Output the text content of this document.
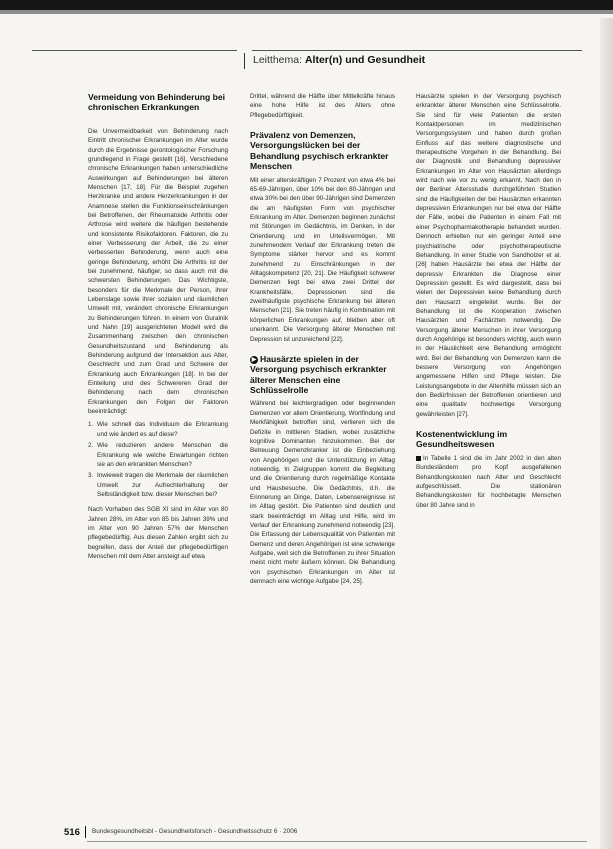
Leitthema: Alter(n) und Gesundheit
Vermeidung von Behinderung bei chronischen Erkrankungen
Die Unvermeidbarkeit von Behinderung nach Eintritt chronischer Erkrankungen im Alter wurde durch die Ergebnisse gerontologischer Forschung grundlegend in Frage gestellt [16]. Verschiedene chronische Erkrankungen haben unterschiedliche Auswirkungen auf Behinderungen bei älteren Menschen [17, 18]. Für die Beispiel zugehen Herzkranke und andere Herzerkrankungen in der Anamnese stellen die Funktionseinschränkungen bei Betroffenen, der Rheumatoide Arthritis oder Arthrose wird weitere die häufigen bestehende und konsistente Risikofaktoren. Faktoren, die zu einer Verbesserung der Arbeit, die zu einer verbesserten Behinderung, wenn auch eine geringe Behinderung, erhöht Die Arthritis ist der bei zunehmend, häufiger, so dass auch mit die schwersten Behinderungen. Das Wichtigste, besonders für die Merkmale der Person, ihrer Lebenslage sowie ihrer sozialen und räumlichen Umwelt mit, verändert chronische Erkrankungen zu Behinderungen führen. In einem von Guralnik und Nahn [19] ausgerichteten Modell wird die Zusammenhang zwischen den chronischen Gesundheitszustand und Behinderung als Behinderung aufgrund der Intersektion aus Alter, Geschlecht und zum Grad und Schwere der Erkrankung auch Erkrankungen [18]. In bei der Einteilung und des Schwereren Grad der Behinderung nach dem chronischen Erkrankungen den Folgen der Faktoren beeinträchtigt:
1. Wie schnell das Individuum die Erkrankung und wie ändert es auf diese?
2. Wie reduzieren andere Menschen die Erkrankung wie welche Erwartungen richten sie an den erkrankten Menschen?
3. Inwieweit tragen die Merkmale der räumlichen Umwelt zur Aufrechterhaltung der Selbständigkeit bzw. dieser Menschen bei?
Nach Vorhaben des SGB XI sind im Alter von 80 Jahren 28%, im Alter von 85 bis Jahren 39% und im Alter von 90 Jahren 57% der Menschen pflegebedürftig. Aus diesen Zahlen ergibt sich zu begreifen, dass der Anteil der pflegebedürftigen Menschen mit dem Alter ansteigt auf etwa
Drittel, während die Hälfte über Mittelkräfte hinaus eine hohe Hilfe ist des Alters ohne Pflegebedürftigkeit.
Prävalenz von Demenzen, Versorgungslücken bei der Behandlung psychisch erkrankter Menschen
Mit einer alterskräftigen 7 Prozent von etwa 4% bei 65-69-Jährigen, über 10% bei den 80-Jährigen und etwa 30% bei den über 90-Jährigen sind Demenzen die am häufigsten Form von psychischer Erkrankung im Alter. Demenzen beginnen zunächst mit Störungen im Gedächtnis, im Denken, in der Orientierung und im Urteilsvermögen. Mit zunehmendem Verlauf der Erkrankung treten die Symptome stärker hervor und es kommt zunehmend zu Einschränkungen in der Alltagskompetenz [20, 21]. Die Häufigkeit schwerer Demenzen liegt bei etwa zwei Drittel der Krankheitsfälle, Depressionen sind die zweithäufigste psychische Erkrankung bei älteren Menschen [21]. Sie treten häufig in Kombination mit körperlichen Erkrankungen auf, bleiben aber oft unerkannt. Die Versorgung älterer Menschen mit Depression ist unzureichend [22].
▶ Hausärzte spielen in der Versorgung psychisch erkrankter älterer Menschen eine Schlüsselrolle
Während bei leichtergradigen oder beginnenden Demenzen vor allem Orientierung, Wortfindung und Merkfähigkeit betroffen sind, verlieren sich die Defizite in mittleren Stadien, wobei zusätzliche kognitive Dominanten hinzukommen. Bei der Betreuung Demenzkranker ist die Einbeziehung von Angehörigen und die Unterstützung im Alltag notwendig. In Zielgruppen kommt die Begleitung und die Orientierung durch regelmäßige Kontakte und Hausbesuche. Die Gedächtnis, d.h. die Erinnerung an Dinge, Daten, Lebensereignisse ist im Alltag gestört. Die Patienten sind deutlich und stark beeinträchtigt im Alltag und Hilfe, wird im Verlauf der Erkrankung zunehmend notwendig [23]. Die Erfassung der Lebensqualität von Patienten mit Demenz und deren Angehörigen ist eine schwierige Aufgabe, weil sich die Betroffenen zu ihrer Situation meist nicht mehr äußern können. Die Behandlung von psychischen Erkrankungen im Alter ist demnach eine wichtige Aufgabe [24, 25].
Hausärzte spielen in der Versorgung psychisch erkrankter älterer Menschen eine Schlüsselrolle. Sie sind für viele Patienten die ersten Kontaktpersonen im medizinischen Versorgungssystem und haben durch großen Einfluss auf das weitere diagnostische und therapeutische Vorgehen in der Behandlung. Bei der Diagnostik und Behandlung depressiver Erkrankungen im Alter von Hausärzten allerdings wird nach wie vor zu wenig erkannt. Nach den in der Berliner Altersstudie durchgeführten Studien sind die Häufigkeiten der bei Hausärzten erkannten depressiven Erkrankungen nur bei etwa der Hälfte der Fälle, wobei die Patienten in einem Fall mit einer Psychopharmakotherapie behandelt wurden. Dennoch erhielten nur ein geringer Anteil eine psychiatrische oder psychotherapeutische Behandlung. In einer Studie von Sandholzer et al. [26] haben Hausärzte bei etwa der Hälfte der depressiv Erkrankten die Diagnose einer Depression gestellt. Es wird dargestellt, dass bei vielen der Depressiven keine Behandlung durch den Hausarzt eingeleitet wurde. Bei der Behandlung ist die Kooperation zwischen Hausärzten und Fachärzten notwendig. Die Versorgung älterer Menschen in ihrer Versorgung durch Angehörige ist besonders wichtig, auch wenn in der Häuslichkeit eine Behandlung ermöglicht wird. Bei der Behandlung von Demenzen kann die bessere Versorgung von Angehörigen angemessene Hilfen und Pflege leisten. Die Leistungsangebote in der Altenhilfe müssen sich an den Bedürfnissen der Betroffenen orientieren und eine qualitativ hochwertige Versorgung gewährleisten [27].
Kostenentwicklung im Gesundheitswesen
In Tabelle 1 sind die im Jahr 2002 in den alten Bundesländern pro Kopf ausgefallenen Behandlungskosten nach Alter und Geschlecht aufgeschlüsselt. Die stationären Behandlungskosten für hochbetagte Menschen über 80 Jahre sind in
516 Bundesgesundheitsbl - Gesundheitsforsch - Gesundheitsschutz 6 · 2006
